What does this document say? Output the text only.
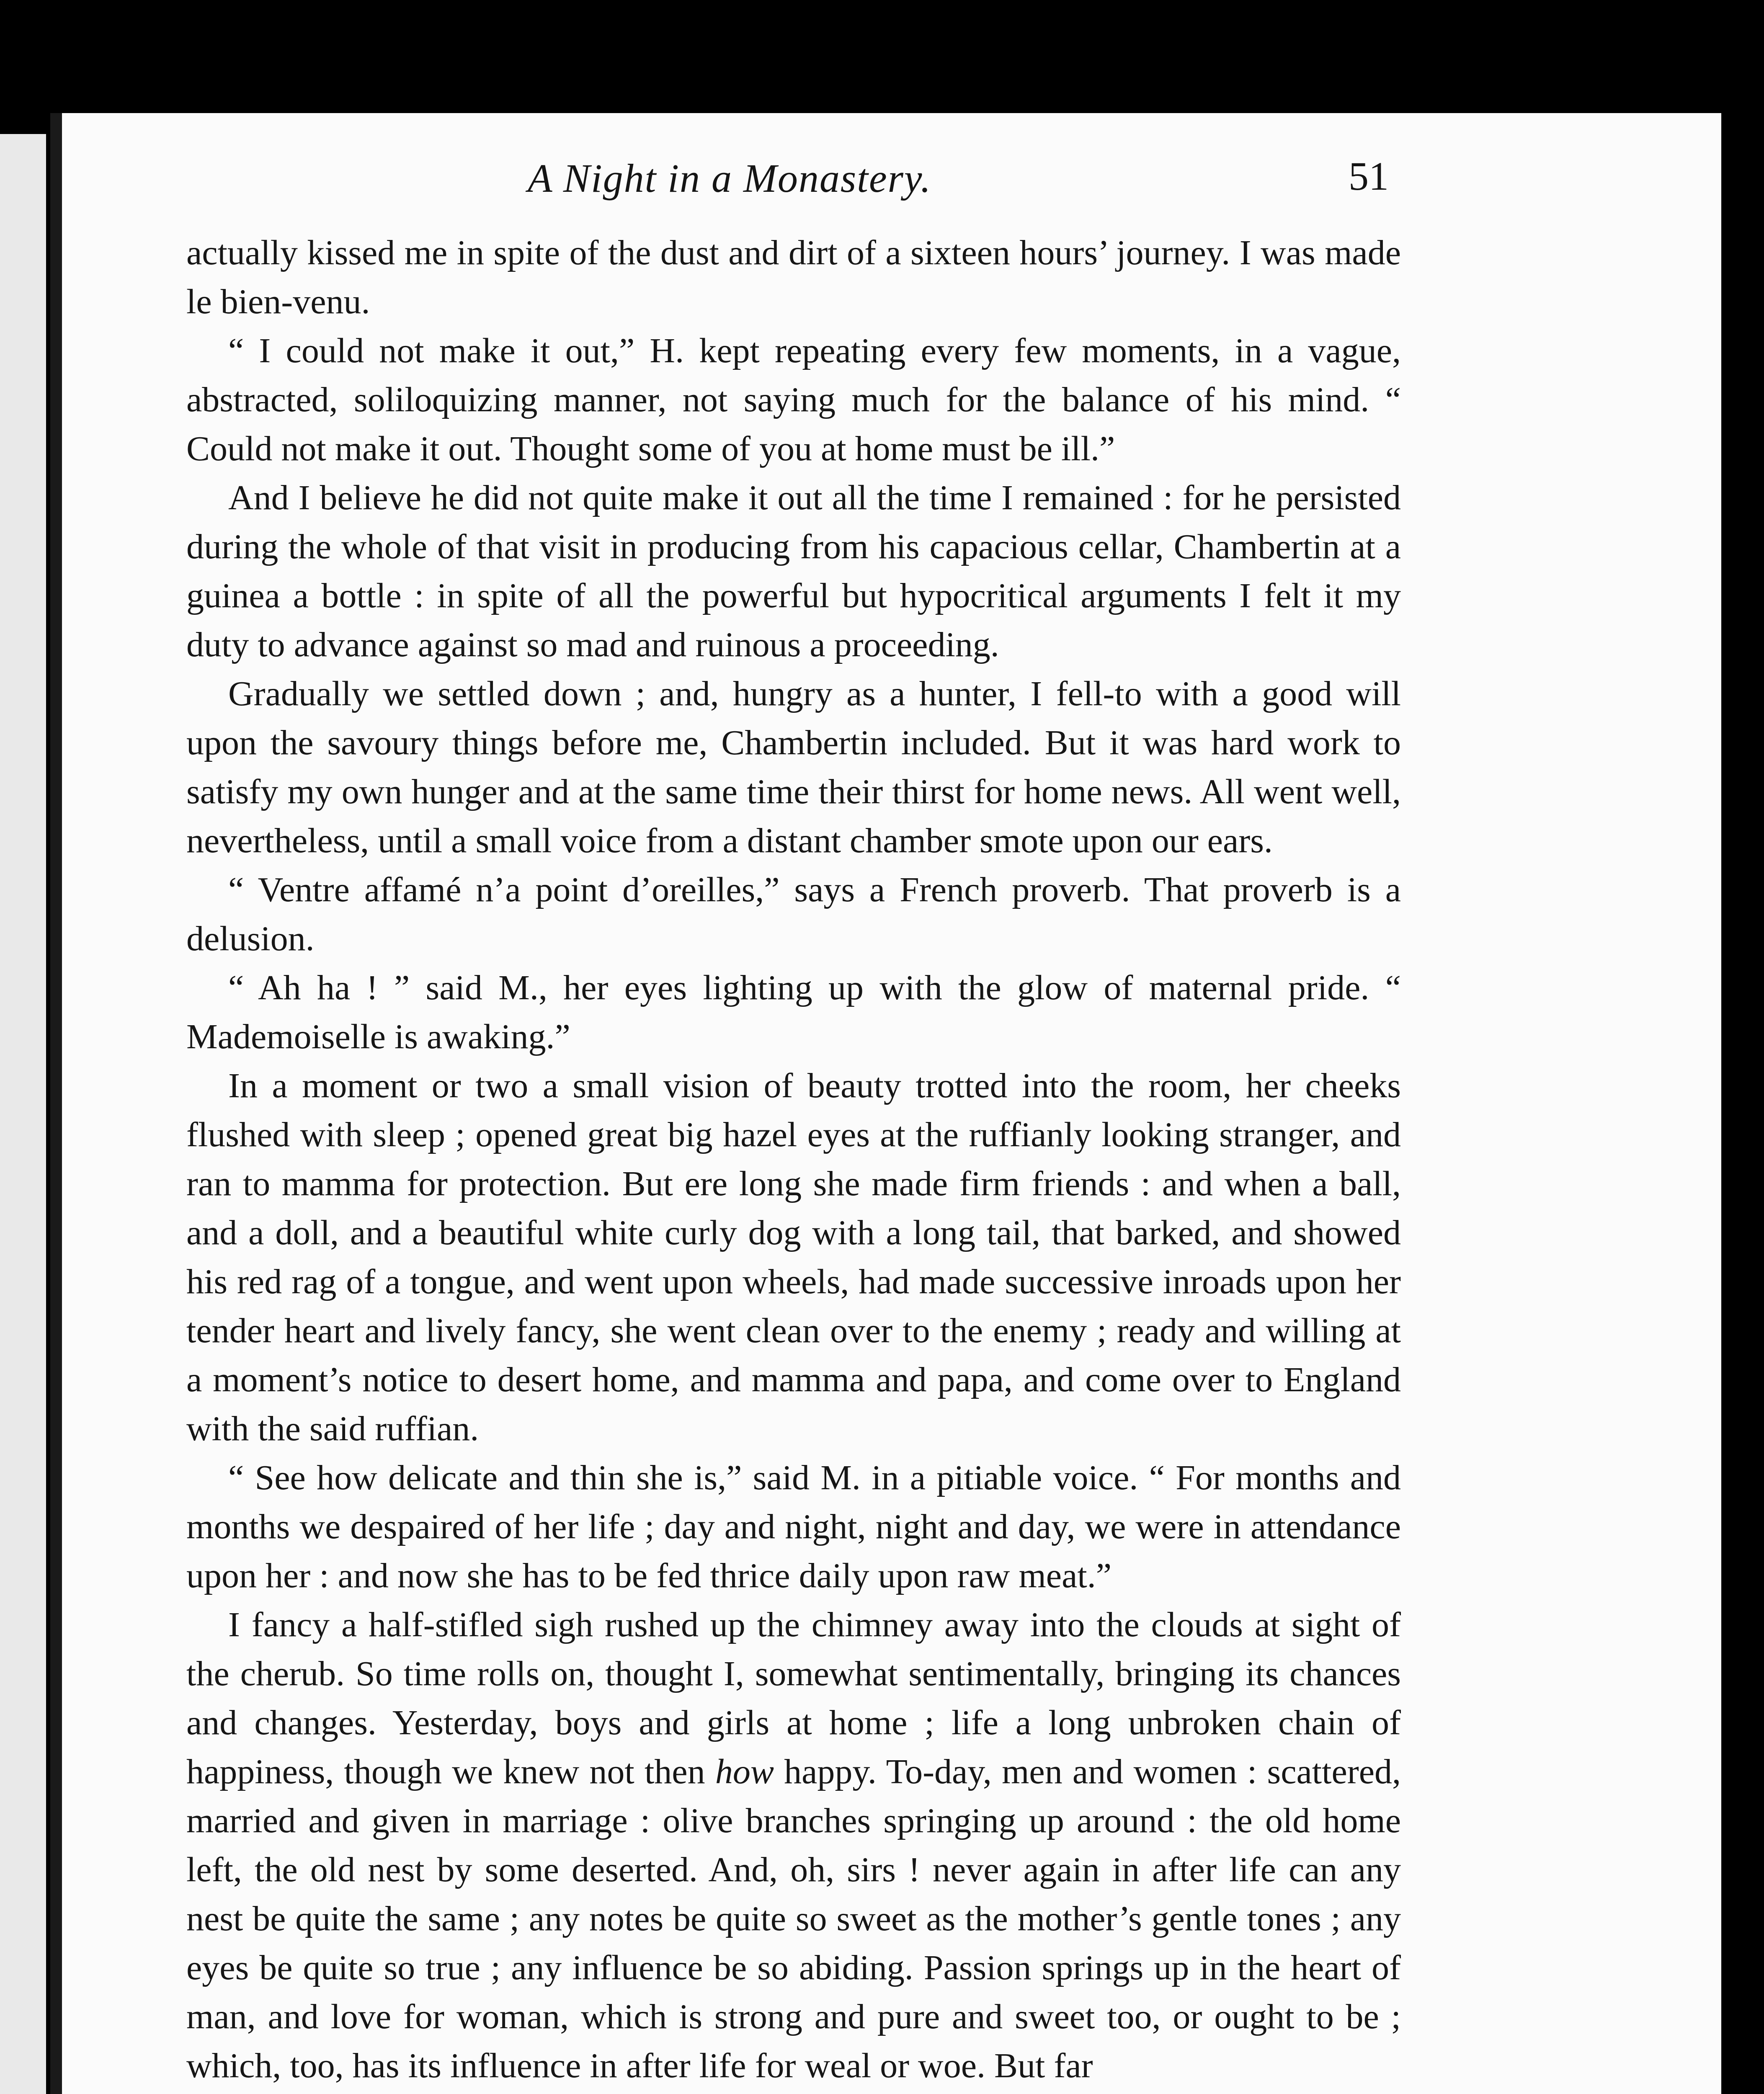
A Night in a Monastery.	51

actually kissed me in spite of the dust and dirt of a sixteen hours’ journey. I was made le bien-venu.

“ I could not make it out,” H. kept repeating every few moments, in a vague, abstracted, soliloquizing manner, not saying much for the balance of his mind. “ Could not make it out. Thought some of you at home must be ill.”

And I believe he did not quite make it out all the time I remained : for he persisted during the whole of that visit in producing from his capacious cellar, Chambertin at a guinea a bottle : in spite of all the powerful but hypocritical arguments I felt it my duty to advance against so mad and ruinous a proceeding.

Gradually we settled down ; and, hungry as a hunter, I fell-to with a good will upon the savoury things before me, Chambertin included. But it was hard work to satisfy my own hunger and at the same time their thirst for home news. All went well, nevertheless, until a small voice from a distant chamber smote upon our ears.

“ Ventre affamé n’a point d’oreilles,” says a French proverb. That proverb is a delusion.

“ Ah ha ! ” said M., her eyes lighting up with the glow of maternal pride. “ Mademoiselle is awaking.”

In a moment or two a small vision of beauty trotted into the room, her cheeks flushed with sleep ; opened great big hazel eyes at the ruffianly looking stranger, and ran to mamma for protection. But ere long she made firm friends : and when a ball, and a doll, and a beautiful white curly dog with a long tail, that barked, and showed his red rag of a tongue, and went upon wheels, had made successive inroads upon her tender heart and lively fancy, she went clean over to the enemy ; ready and willing at a moment’s notice to desert home, and mamma and papa, and come over to England with the said ruffian.

“ See how delicate and thin she is,” said M. in a pitiable voice. “ For months and months we despaired of her life ; day and night, night and day, we were in attendance upon her : and now she has to be fed thrice daily upon raw meat.”

I fancy a half-stifled sigh rushed up the chimney away into the clouds at sight of the cherub. So time rolls on, thought I, somewhat sentimentally, bringing its chances and changes. Yesterday, boys and girls at home ; life a long unbroken chain of happiness, though we knew not then how happy. To-day, men and women : scattered, married and given in marriage : olive branches springing up around : the old home left, the old nest by some deserted. And, oh, sirs ! never again in after life can any nest be quite the same ; any notes be quite so sweet as the mother’s gentle tones ; any eyes be quite so true ; any influence be so abiding. Passion springs up in the heart of man, and love for woman, which is strong and pure and sweet too, or ought to be ; which, too, has its influence in after life for weal or woe. But far
